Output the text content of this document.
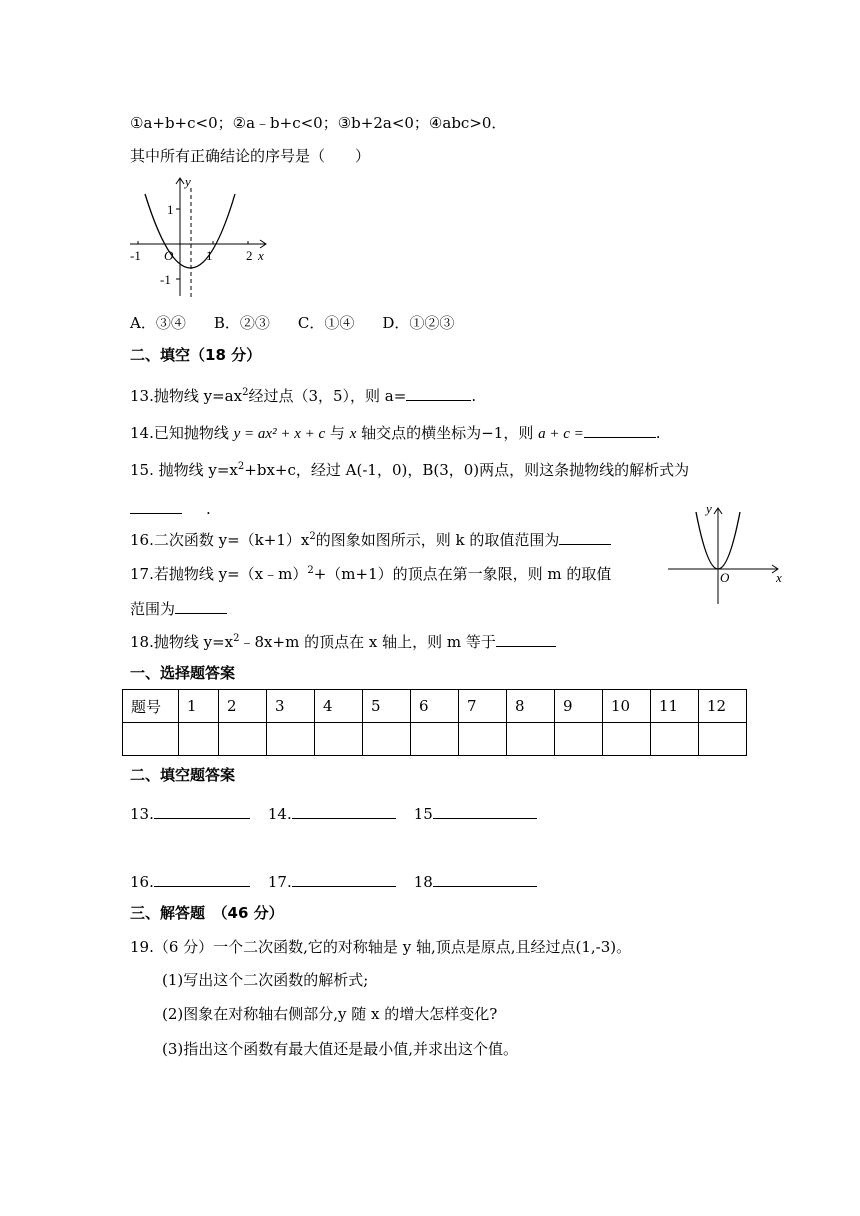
①a+b+c<0；②a﹣b+c<0；③b+2a<0；④abc>0．
其中所有正确结论的序号是（　　）
y
1
-1
-1 O	1	2 x
A．③④ B．②③ C．①④ D．①②③
二、填空（18 分）
13.抛物线 $y=ax^2$经过点（3，5），则 a=	.
14.已知抛物线 y = ax² + x + c 与 x 轴交点的横坐标为−1，则 a + c =	.
15. 抛物线 $y=x^2+bx+c$，经过 A(-1，0)，B(3，0)两点，则这条抛物线的解析式为
.
16.二次函数 $y=(k+1)x^2$的图象如图所示，则 k 的取值范围为
y
O	x
17.若抛物线 y=（x﹣m）$^2$+（m+1）的顶点在第一象限，则 m 的取值
范围为
18.抛物线 $y=x^2﹣8x+m$ 的顶点在 x 轴上，则 m 等于
一、选择题答案
题号	1	2	3	4	5	6	7	8	9	10	11	12

二、填空题答案
13.	14.	15
16.	17.	18
三、解答题　（46 分）
19.（6 分）一个二次函数,它的对称轴是 y 轴,顶点是原点,且经过点(1,-3)。
(1)写出这个二次函数的解析式;
(2)图象在对称轴右侧部分,y 随 x 的增大怎样变化?
(3)指出这个函数有最大值还是最小值,并求出这个值。
